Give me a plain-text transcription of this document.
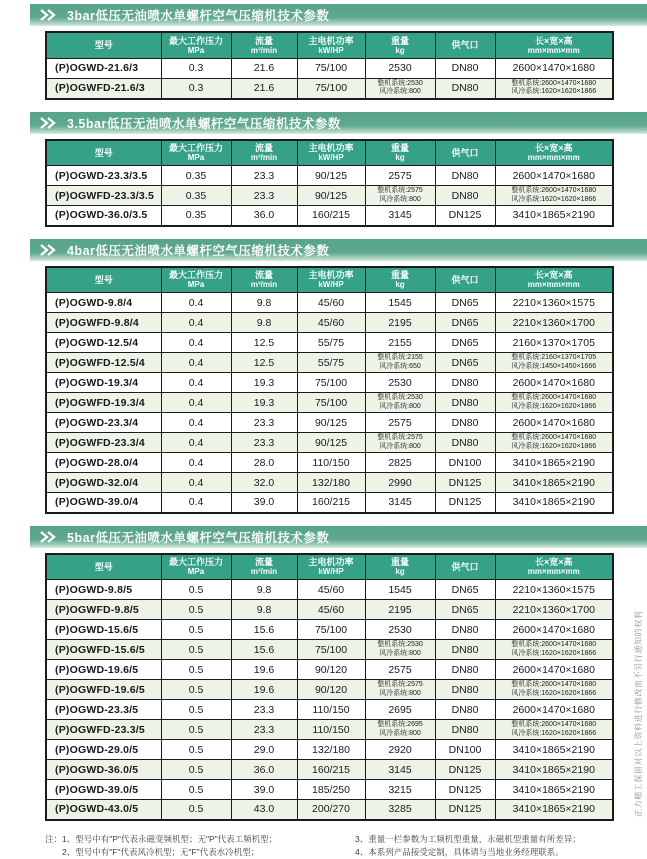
3bar低压无油喷水单螺杆空气压缩机技术参数
型号	最大工作压力
MPa

流量
m³/min

主电机功率
kW/HP

重量
kg	供气口	长×宽×高
mm×mm×mm

(P)OGWD-21.6/3	0.3	21.6	75/100	2530	DN80	2600×1470×1680
(P)OGWFD-21.6/3	0.3	21.6	75/100	整机系统:2530
风冷系统:800	DN80	整机系统:2600×1470×1680
风冷系统:1620×1620×1866
3.5bar低压无油喷水单螺杆空气压缩机技术参数
型号	最大工作压力
MPa

流量
m³/min

主电机功率
kW/HP

重量
kg	供气口	长×宽×高
mm×mm×mm

(P)OGWD-23.3/3.5	0.35	23.3	90/125	2575	DN80	2600×1470×1680
(P)OGWFD-23.3/3.5	0.35	23.3	90/125	整机系统:2575
风冷系统:800	DN80	整机系统:2600×1470×1680
风冷系统:1620×1620×1866

(P)OGWD-36.0/3.5	0.35	36.0	160/215	3145	DN125	3410×1865×2190
4bar低压无油喷水单螺杆空气压缩机技术参数
型号	最大工作压力
MPa

流量
m³/min

主电机功率
kW/HP

重量
kg	供气口	长×宽×高
mm×mm×mm

(P)OGWD-9.8/4	0.4	9.8	45/60	1545	DN65	2210×1360×1575
(P)OGWFD-9.8/4	0.4	9.8	45/60	2195	DN65	2210×1360×1700
(P)OGWD-12.5/4	0.4	12.5	55/75	2155	DN65	2160×1370×1705
(P)OGWFD-12.5/4	0.4	12.5	55/75	整机系统:2155
风冷系统:650	DN65	整机系统:2160×1370×1705
风冷系统:1450×1450×1666

(P)OGWD-19.3/4	0.4	19.3	75/100	2530	DN80	2600×1470×1680
(P)OGWFD-19.3/4	0.4	19.3	75/100	整机系统:2530
风冷系统:800	DN80	整机系统:2600×1470×1680
风冷系统:1620×1620×1866

(P)OGWD-23.3/4	0.4	23.3	90/125	2575	DN80	2600×1470×1680
(P)OGWFD-23.3/4	0.4	23.3	90/125	整机系统:2575
风冷系统:800	DN80	整机系统:2600×1470×1680
风冷系统:1620×1620×1866

(P)OGWD-28.0/4	0.4	28.0	110/150	2825	DN100	3410×1865×2190
(P)OGWD-32.0/4	0.4	32.0	132/180	2990	DN125	3410×1865×2190
(P)OGWD-39.0/4	0.4	39.0	160/215	3145	DN125	3410×1865×2190
5bar低压无油喷水单螺杆空气压缩机技术参数
型号	最大工作压力
MPa

流量
m³/min

主电机功率
kW/HP

重量
kg	供气口	长×宽×高
mm×mm×mm

(P)OGWD-9.8/5	0.5	9.8	45/60	1545	DN65	2210×1360×1575
(P)OGWFD-9.8/5	0.5	9.8	45/60	2195	DN65	2210×1360×1700
(P)OGWD-15.6/5	0.5	15.6	75/100	2530	DN80	2600×1470×1680
(P)OGWFD-15.6/5	0.5	15.6	75/100	整机系统:2530
风冷系统:800	DN80	整机系统:2600×1470×1680
风冷系统:1620×1620×1866

(P)OGWD-19.6/5	0.5	19.6	90/120	2575	DN80	2600×1470×1680
(P)OGWFD-19.6/5	0.5	19.6	90/120	整机系统:2575
风冷系统:800	DN80	整机系统:2600×1470×1680
风冷系统:1620×1620×1866

(P)OGWD-23.3/5	0.5	23.3	110/150	2695	DN80	2600×1470×1680
(P)OGWFD-23.3/5	0.5	23.3	110/150	整机系统:2695
风冷系统:800	DN80	整机系统:2600×1470×1680
风冷系统:1620×1620×1866

(P)OGWD-29.0/5	0.5	29.0	132/180	2920	DN100	3410×1865×2190
(P)OGWD-36.0/5	0.5	36.0	160/215	3145	DN125	3410×1865×2190
(P)OGWD-39.0/5	0.5	39.0	185/250	3215	DN125	3410×1865×2190
(P)OGWD-43.0/5	0.5	43.0	200/270	3285	DN125	3410×1865×2190
注： 1、型号中有"P"代表永磁变频机型；无"P"代表工频机型；
2、型号中有"F"代表风冷机型；无"F"代表水冷机型；
3、重量一栏参数为工频机型重量，永磁机型重量有所差异；
4、本系列产品接受定制，具体请与当地业务经理联系。
正力精工保留对以上资料进行修改而不另行通知的权利
